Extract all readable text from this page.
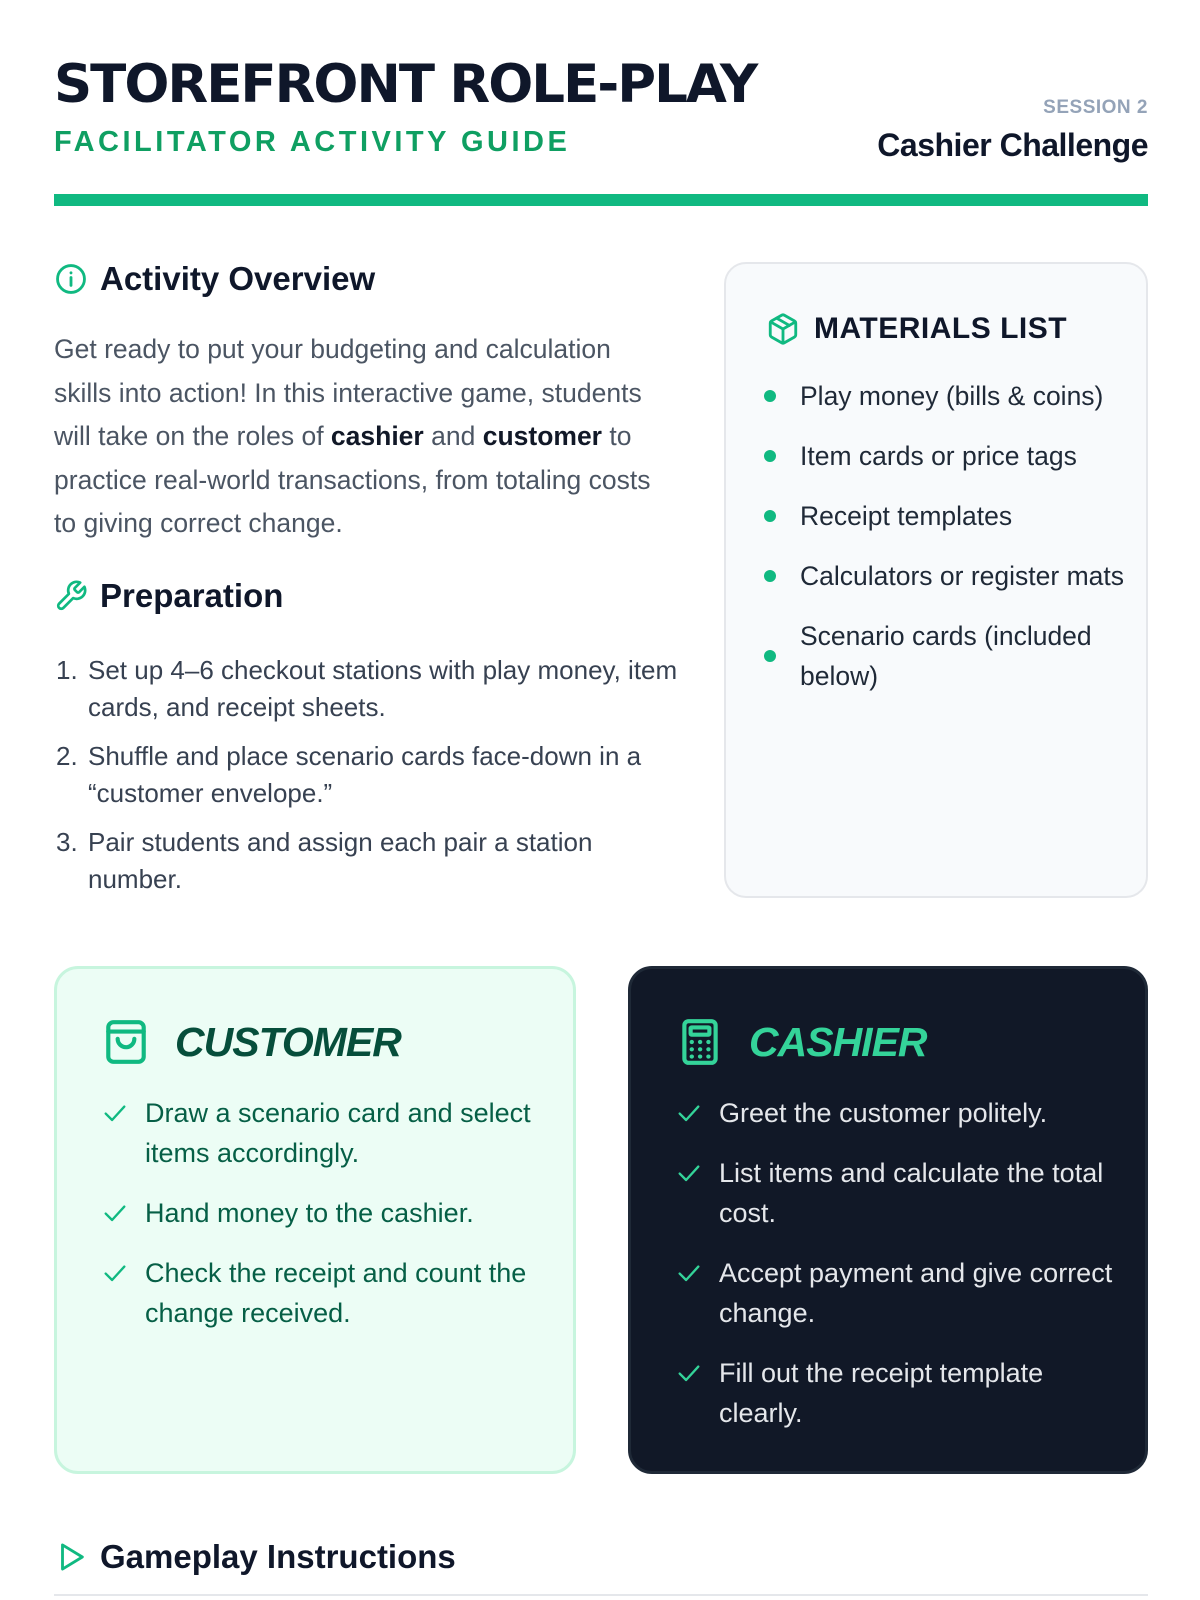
STOREFRONT ROLE-PLAY
FACILITATOR ACTIVITY GUIDE
SESSION 2
Cashier Challenge
Activity Overview
Get ready to put your budgeting and calculation skills into action! In this interactive game, students will take on the roles of cashier and customer to practice real-world transactions, from totaling costs to giving correct change.
Preparation
1. Set up 4–6 checkout stations with play money, item cards, and receipt sheets.
2. Shuffle and place scenario cards face-down in a “customer envelope.”
3. Pair students and assign each pair a station number.
MATERIALS LIST
Play money (bills & coins)
Item cards or price tags
Receipt templates
Calculators or register mats
Scenario cards (included below)
CUSTOMER
Draw a scenario card and select items accordingly.
Hand money to the cashier.
Check the receipt and count the change received.
CASHIER
Greet the customer politely.
List items and calculate the total cost.
Accept payment and give correct change.
Fill out the receipt template clearly.
Gameplay Instructions
